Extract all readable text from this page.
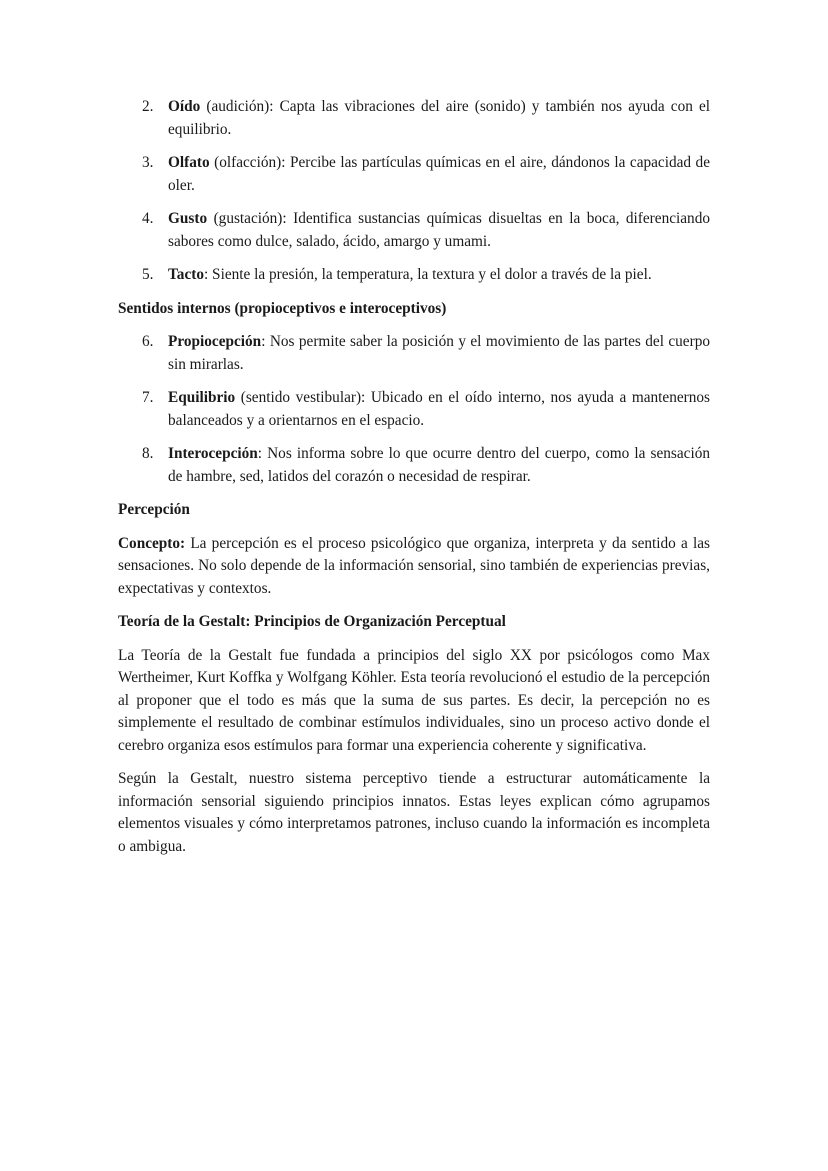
2. Oído (audición): Capta las vibraciones del aire (sonido) y también nos ayuda con el equilibrio.
3. Olfato (olfacción): Percibe las partículas químicas en el aire, dándonos la capacidad de oler.
4. Gusto (gustación): Identifica sustancias químicas disueltas en la boca, diferenciando sabores como dulce, salado, ácido, amargo y umami.
5. Tacto: Siente la presión, la temperatura, la textura y el dolor a través de la piel.

Sentidos internos (propioceptivos e interoceptivos)

6. Propiocepción: Nos permite saber la posición y el movimiento de las partes del cuerpo sin mirarlas.
7. Equilibrio (sentido vestibular): Ubicado en el oído interno, nos ayuda a mantenernos balanceados y a orientarnos en el espacio.
8. Interocepción: Nos informa sobre lo que ocurre dentro del cuerpo, como la sensación de hambre, sed, latidos del corazón o necesidad de respirar.

Percepción

Concepto: La percepción es el proceso psicológico que organiza, interpreta y da sentido a las sensaciones. No solo depende de la información sensorial, sino también de experiencias previas, expectativas y contextos.

Teoría de la Gestalt: Principios de Organización Perceptual

La Teoría de la Gestalt fue fundada a principios del siglo XX por psicólogos como Max Wertheimer, Kurt Koffka y Wolfgang Köhler. Esta teoría revolucionó el estudio de la percepción al proponer que el todo es más que la suma de sus partes. Es decir, la percepción no es simplemente el resultado de combinar estímulos individuales, sino un proceso activo donde el cerebro organiza esos estímulos para formar una experiencia coherente y significativa.

Según la Gestalt, nuestro sistema perceptivo tiende a estructurar automáticamente la información sensorial siguiendo principios innatos. Estas leyes explican cómo agrupamos elementos visuales y cómo interpretamos patrones, incluso cuando la información es incompleta o ambigua.
